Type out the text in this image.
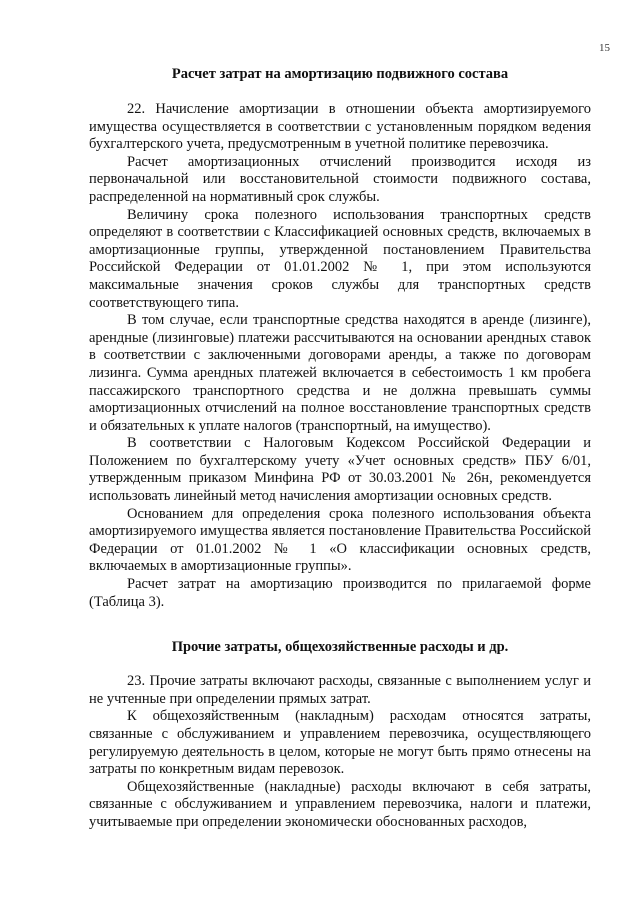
15
Расчет затрат на амортизацию подвижного состава

22. Начисление амортизации в отношении объекта амортизируемого имущества осуществляется в соответствии с установленным порядком ведения бухгалтерского учета, предусмотренным в учетной политике перевозчика.

Расчет амортизационных отчислений производится исходя из первоначальной или восстановительной стоимости подвижного состава, распределенной на нормативный срок службы.

Величину срока полезного использования транспортных средств определяют в соответствии с Классификацией основных средств, включаемых в амортизационные группы, утвержденной постановлением Правительства Российской Федерации от 01.01.2002 № 1, при этом используются максимальные значения сроков службы для транспортных средств соответствующего типа.

В том случае, если транспортные средства находятся в аренде (лизинге), арендные (лизинговые) платежи рассчитываются на основании арендных ставок в соответствии с заключенными договорами аренды, а также по договорам лизинга. Сумма арендных платежей включается в себестоимость 1 км пробега пассажирского транспортного средства и не должна превышать суммы амортизационных отчислений на полное восстановление транспортных средств и обязательных к уплате налогов (транспортный, на имущество).

В соответствии с Налоговым Кодексом Российской Федерации и Положением по бухгалтерскому учету «Учет основных средств» ПБУ 6/01, утвержденным приказом Минфина РФ от 30.03.2001 № 26н, рекомендуется использовать линейный метод начисления амортизации основных средств.

Основанием для определения срока полезного использования объекта амортизируемого имущества является постановление Правительства Российской Федерации от 01.01.2002 № 1 «О классификации основных средств, включаемых в амортизационные группы».

Расчет затрат на амортизацию производится по прилагаемой форме (Таблица 3).

Прочие затраты, общехозяйственные расходы и др.

23. Прочие затраты включают расходы, связанные с выполнением услуг и не учтенные при определении прямых затрат.

К общехозяйственным (накладным) расходам относятся затраты, связанные с обслуживанием и управлением перевозчика, осуществляющего регулируемую деятельность в целом, которые не могут быть прямо отнесены на затраты по конкретным видам перевозок.

Общехозяйственные (накладные) расходы включают в себя затраты, связанные с обслуживанием и управлением перевозчика, налоги и платежи, учитываемые при определении экономически обоснованных расходов,
